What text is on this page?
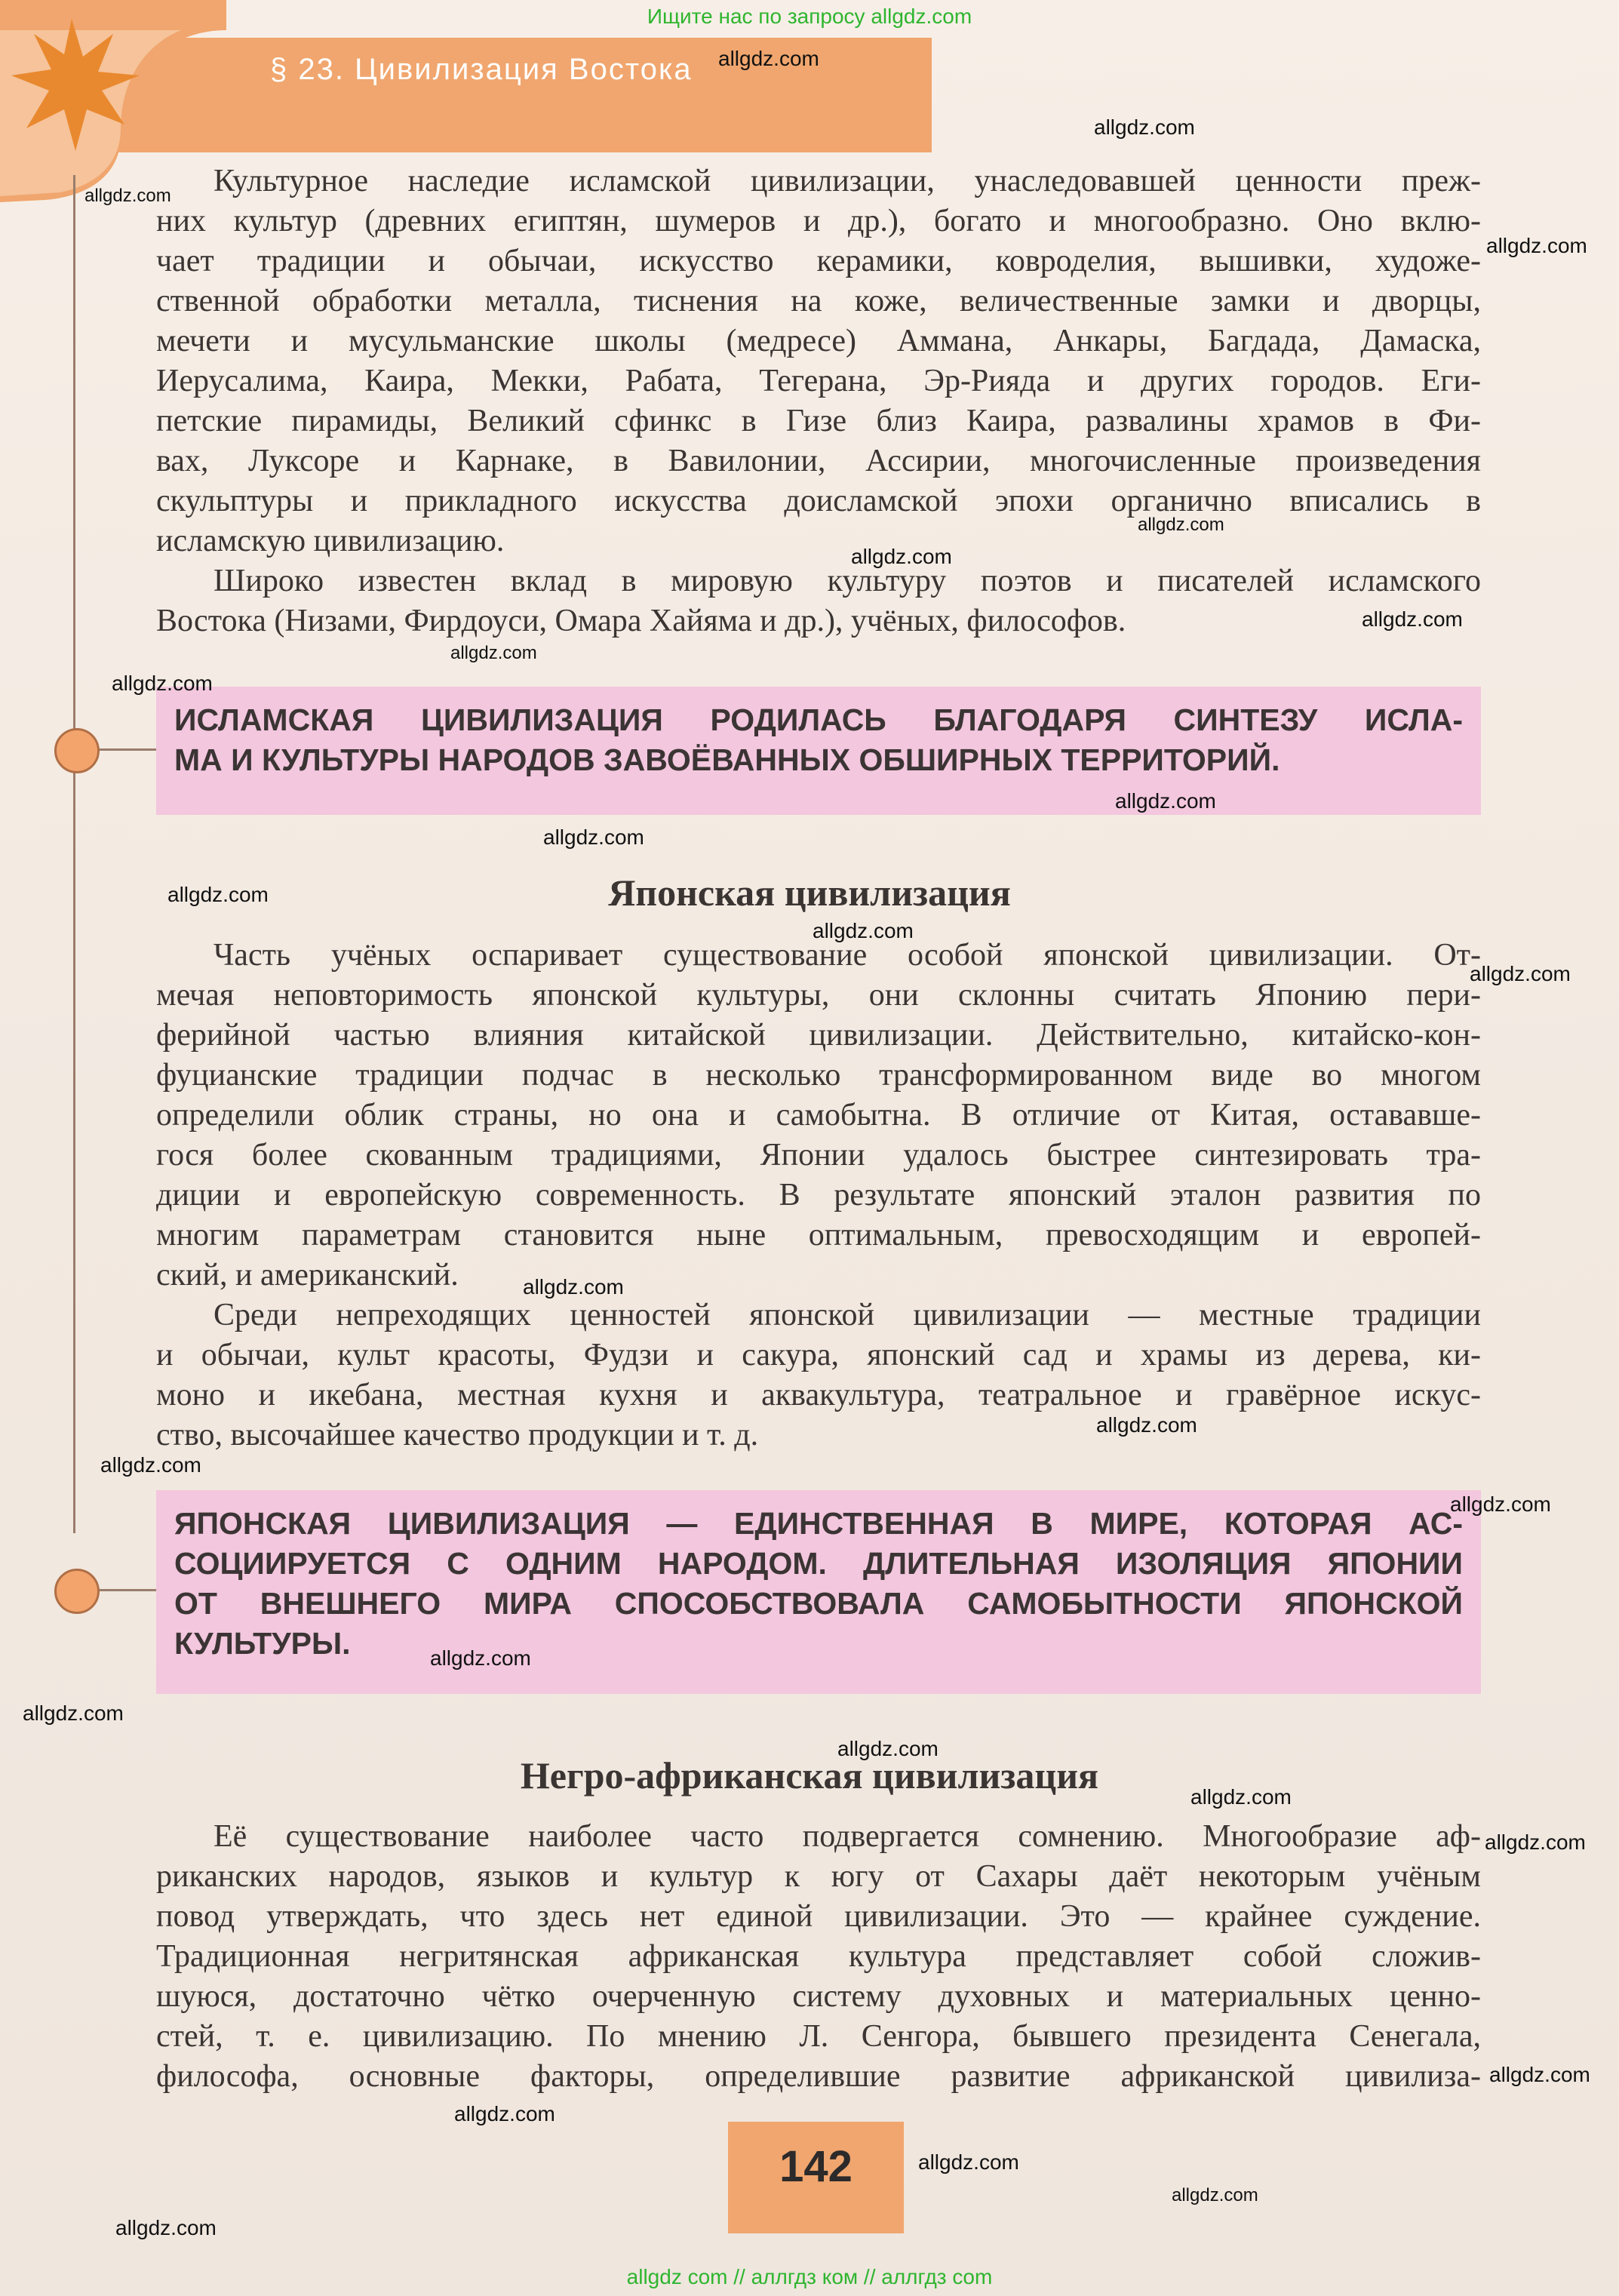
Ищите нас по запросу allgdz.com
§ 23. Цивилизация Востока
Культурное наследие исламской цивилизации, унаследовавшей ценности преж-
них культур (древних египтян, шумеров и др.), богато и многообразно. Оно вклю-
чает традиции и обычаи, искусство керамики, ковроделия, вышивки, художе-
ственной обработки металла, тиснения на коже, величественные замки и дворцы,
мечети и мусульманские школы (медресе) Аммана, Анкары, Багдада, Дамаска,
Иерусалима, Каира, Мекки, Рабата, Тегерана, Эр-Рияда и других городов. Еги-
петские пирамиды, Великий сфинкс в Гизе близ Каира, развалины храмов в Фи-
вах, Луксоре и Карнаке, в Вавилонии, Ассирии, многочисленные произведения
скульптуры и прикладного искусства доисламской эпохи органично вписались в
исламскую цивилизацию.
Широко известен вклад в мировую культуру поэтов и писателей исламского
Востока (Низами, Фирдоуси, Омара Хайяма и др.), учёных, философов.
ИСЛАМСКАЯ ЦИВИЛИЗАЦИЯ РОДИЛАСЬ БЛАГОДАРЯ СИНТЕЗУ ИСЛА-
МА И КУЛЬТУРЫ НАРОДОВ ЗАВОЁВАННЫХ ОБШИРНЫХ ТЕРРИТОРИЙ.
Японская цивилизация
Часть учёных оспаривает существование особой японской цивилизации. От-
мечая неповторимость японской культуры, они склонны считать Японию пери-
ферийной частью влияния китайской цивилизации. Действительно, китайско-кон-
фуцианские традиции подчас в несколько трансформированном виде во многом
определили облик страны, но она и самобытна. В отличие от Китая, остававше-
гося более скованным традициями, Японии удалось быстрее синтезировать тра-
диции и европейскую современность. В результате японский эталон развития по
многим параметрам становится ныне оптимальным, превосходящим и европей-
ский, и американский.
Среди непреходящих ценностей японской цивилизации — местные традиции
и обычаи, культ красоты, Фудзи и сакура, японский сад и храмы из дерева, ки-
моно и икебана, местная кухня и аквакультура, театральное и гравёрное искус-
ство, высочайшее качество продукции и т. д.
ЯПОНСКАЯ ЦИВИЛИЗАЦИЯ — ЕДИНСТВЕННАЯ В МИРЕ, КОТОРАЯ АС-
СОЦИИРУЕТСЯ С ОДНИМ НАРОДОМ. ДЛИТЕЛЬНАЯ ИЗОЛЯЦИЯ ЯПОНИИ
ОТ ВНЕШНЕГО МИРА СПОСОБСТВОВАЛА САМОБЫТНОСТИ ЯПОНСКОЙ
КУЛЬТУРЫ.
Негро-африканская цивилизация
Её существование наиболее часто подвергается сомнению. Многообразие аф-
риканских народов, языков и культур к югу от Сахары даёт некоторым учёным
повод утверждать, что здесь нет единой цивилизации. Это — крайнее суждение.
Традиционная негритянская африканская культура представляет собой сложив-
шуюся, достаточно чётко очерченную систему духовных и материальных ценно-
стей, т. е. цивилизацию. По мнению Л. Сенгора, бывшего президента Сенегала,
философа, основные факторы, определившие развитие африканской цивилиза-
142
allgdz.com
allgdz.com
allgdz.com
allgdz.com
allgdz.com
allgdz.com
allgdz.com
allgdz.com
allgdz.com
allgdz.com
allgdz.com
allgdz.com
allgdz.com
allgdz.com
allgdz.com
allgdz.com
allgdz.com
allgdz.com
allgdz.com
allgdz.com
allgdz.com
allgdz.com
allgdz.com
allgdz.com
allgdz.com
allgdz.com
allgdz.com
allgdz.com
allgdz com // аллгдз ком // аллгдз com
